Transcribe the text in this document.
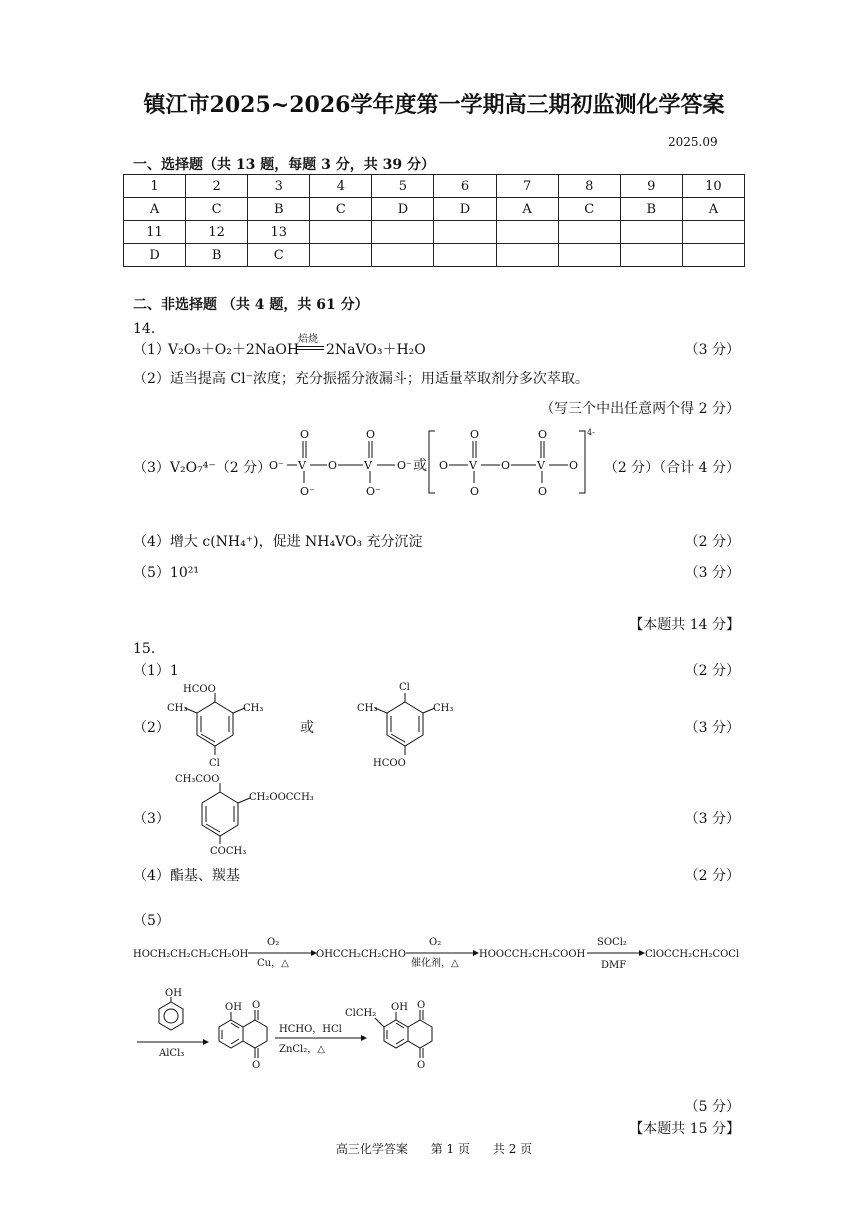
镇江市2025~2026学年度第一学期高三期初监测化学答案
2025.09
一、选择题（共 13 题，每题 3 分，共 39 分）
1	2	3	4	5	6	7	8	9	10
A	C	B	C	D	D	A	C	B	A
11	12	13							
D	B	C							
二、非选择题 （共 4 题，共 61 分）
14．
（1）
V₂O₃＋O₂＋2NaOH
焙烧
2NaVO₃＋H₂O	（3 分）
（2）适当提高 Cl⁻浓度；充分振摇分液漏斗；用适量萃取剂分多次萃取。
（写三个中出任意两个得 2 分）
（3）V₂O₇⁴⁻（2 分）	（2 分）（合计 4 分）
O⁻ V
O
O⁻
O V
O
O⁻
O⁻ 或 O V
O
O
O V
O
O
O
4-
（4）增大 c(NH₄⁺)，促进 NH₄VO₃ 充分沉淀	（2 分）
（5）10²¹	（3 分）
【本题共 14 分】
15．
（1）1	（2 分）
（2）	或	（3 分）
HCOO
CH₃	CH₃
Cl
Cl
CH₃	CH₃
HCOO
（3）	（3 分）
CH₃COO
CH₂OOCCH₃
COCH₃
（4）酯基、羰基	（2 分）
（5）
HOCH₂CH₂CH₂CH₂OH
O₂
Cu，△
OHCCH₂CH₂CHO
O₂
催化剂，△
HOOCCH₂CH₂COOH
SOCl₂
DMF
ClOCCH₂CH₂COCl
OH
AlCl₃
OH O
O
HCHO，HCl
ZnCl₂，△
OH
ClCH₂
O
O
（5 分）
【本题共 15 分】
高三化学答案 第 1 页 共 2 页
